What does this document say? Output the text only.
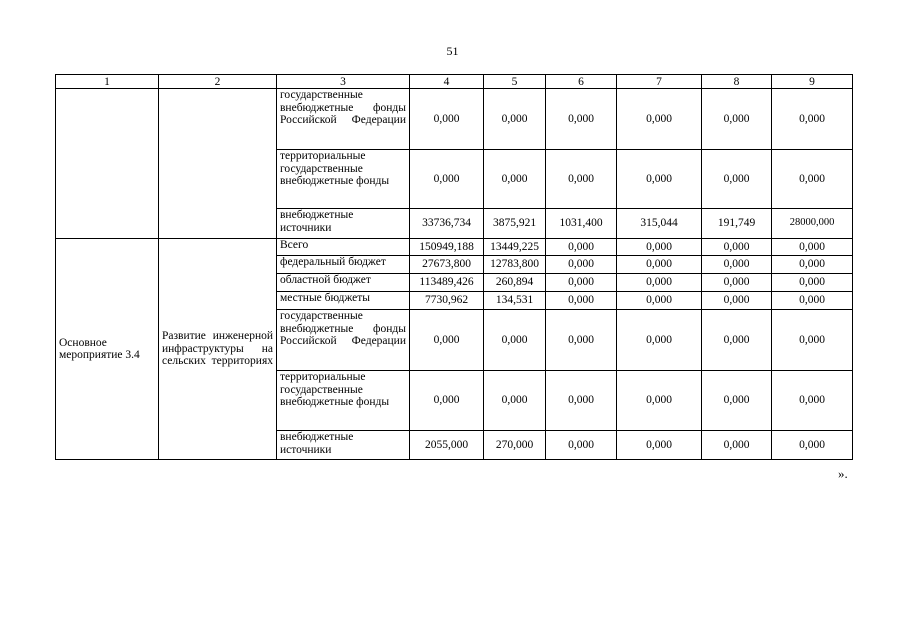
51
1	2	3	4	5	6	7	8	9
		государственные внебюджетные фонды Российской Федерации	0,000	0,000	0,000	0,000	0,000	0,000
		территориальные государственные внебюджетные фонды	0,000	0,000	0,000	0,000	0,000	0,000
		внебюджетные источники	33736,734	3875,921	1031,400	315,044	191,749	28000,000
Основное мероприятие 3.4	Развитие инженерной инфраструктуры на сельских территориях	Всего	150949,188	13449,225	0,000	0,000	0,000	0,000
		федеральный бюджет	27673,800	12783,800	0,000	0,000	0,000	0,000
		областной бюджет	113489,426	260,894	0,000	0,000	0,000	0,000
		местные бюджеты	7730,962	134,531	0,000	0,000	0,000	0,000
		государственные внебюджетные фонды Российской Федерации	0,000	0,000	0,000	0,000	0,000	0,000
		территориальные государственные внебюджетные фонды	0,000	0,000	0,000	0,000	0,000	0,000
		внебюджетные источники	2055,000	270,000	0,000	0,000	0,000	0,000
».
